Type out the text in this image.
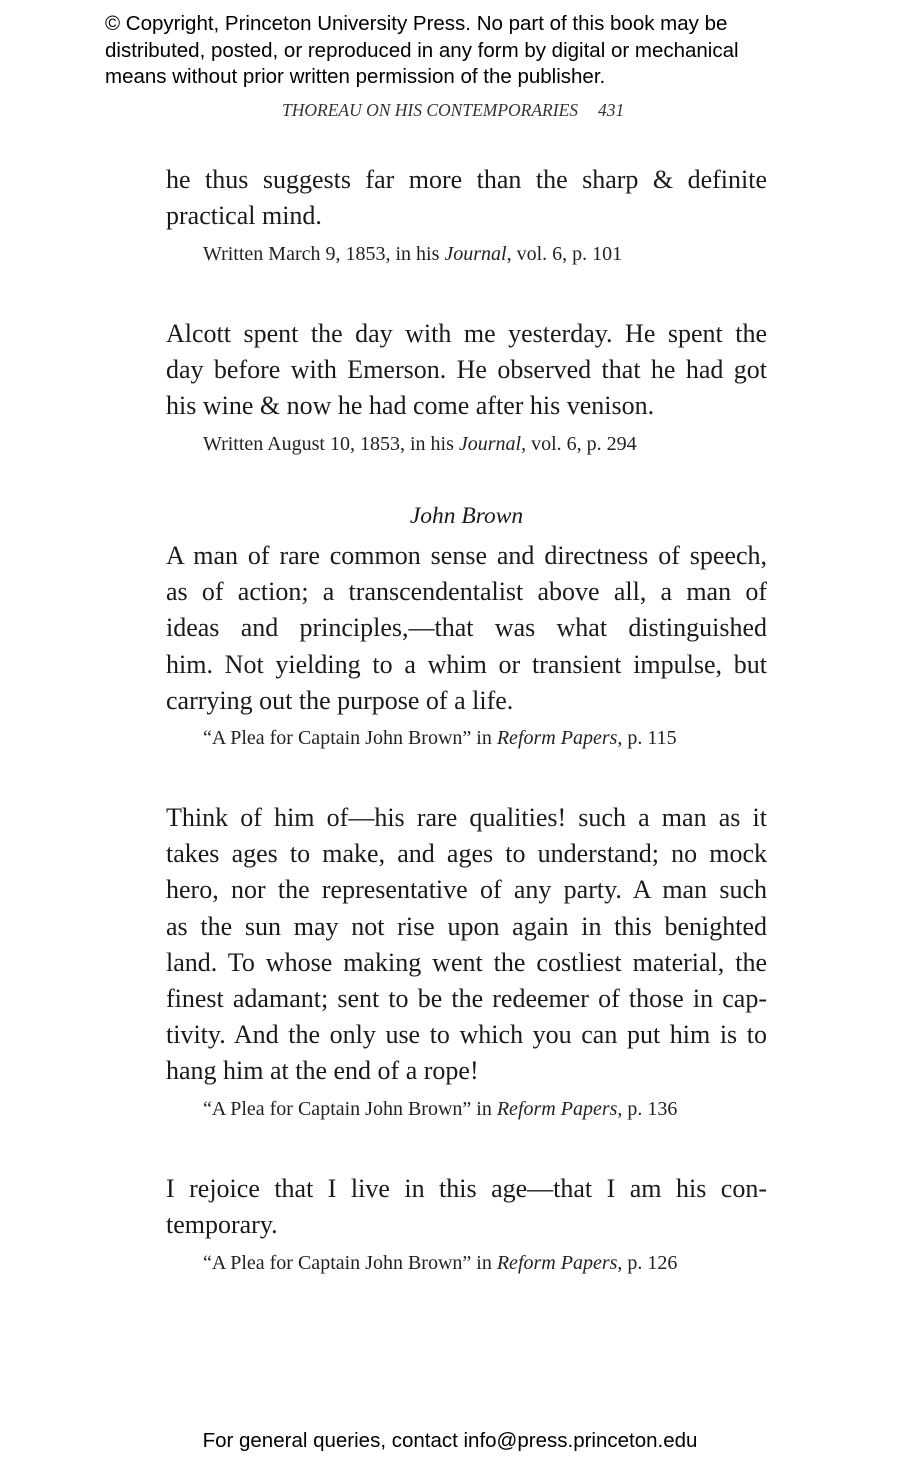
© Copyright, Princeton University Press. No part of this book may be
distributed, posted, or reproduced in any form by digital or mechanical
means without prior written permission of the publisher.
THOREAU ON HIS CONTEMPORARIES 431
he thus suggests far more than the sharp & definite
practical mind.
Written March 9, 1853, in his Journal, vol. 6, p. 101
Alcott spent the day with me yesterday. He spent the
day before with Emerson. He observed that he had got
his wine & now he had come after his venison.
Written August 10, 1853, in his Journal, vol. 6, p. 294
John Brown
A man of rare common sense and directness of speech,
as of action; a transcendentalist above all, a man of
ideas and principles,—that was what distinguished
him. Not yielding to a whim or transient impulse, but
carrying out the purpose of a life.
“A Plea for Captain John Brown” in Reform Papers, p. 115
Think of him of—his rare qualities! such a man as it
takes ages to make, and ages to understand; no mock
hero, nor the representative of any party. A man such
as the sun may not rise upon again in this benighted
land. To whose making went the costliest material, the
finest adamant; sent to be the redeemer of those in cap-
tivity. And the only use to which you can put him is to
hang him at the end of a rope!
“A Plea for Captain John Brown” in Reform Papers, p. 136
I rejoice that I live in this age—that I am his con-
temporary.
“A Plea for Captain John Brown” in Reform Papers, p. 126
For general queries, contact info@press.princeton.edu
